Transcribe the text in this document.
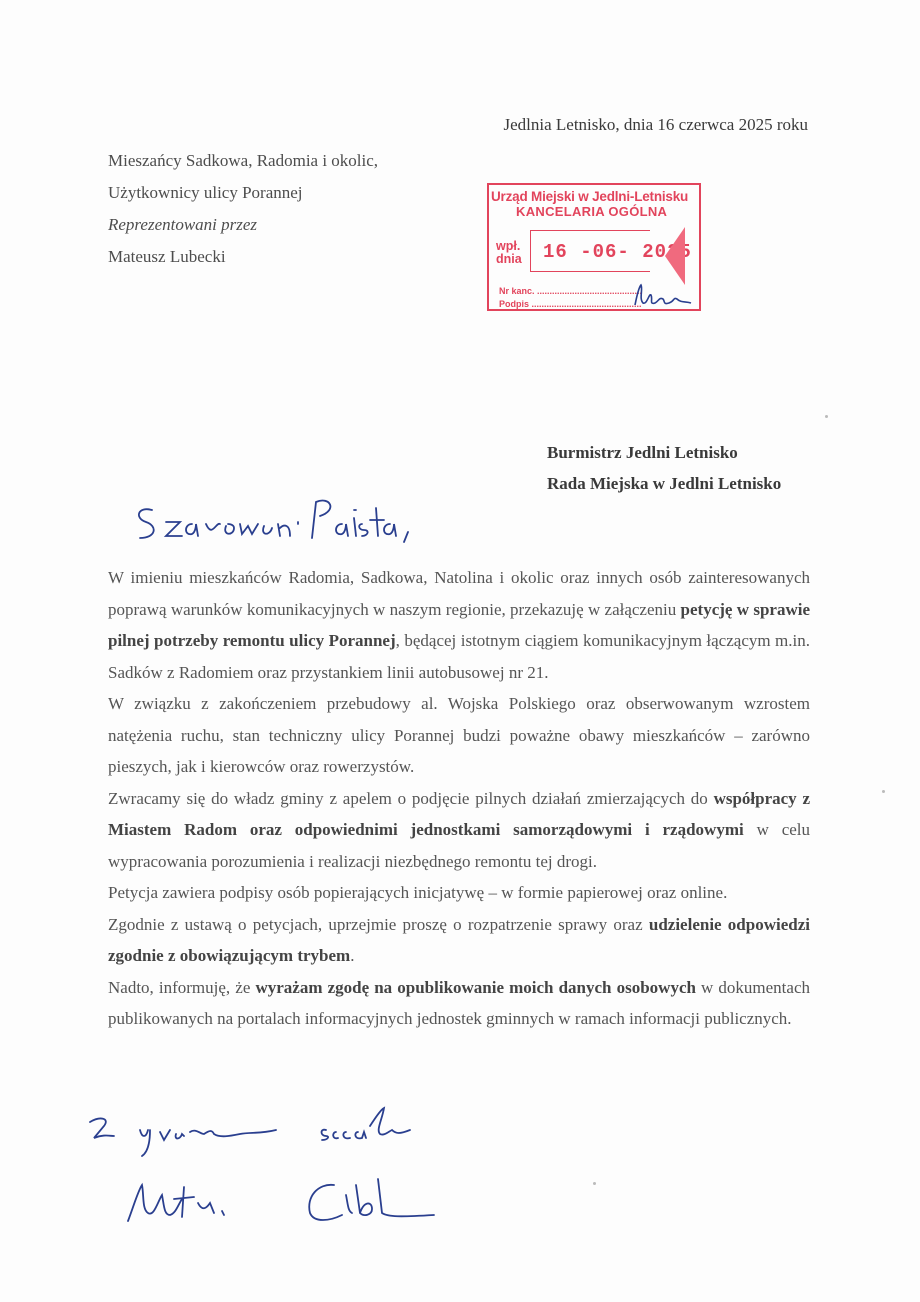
Jedlnia Letnisko, dnia 16 czerwca 2025 roku
Mieszańcy Sadkowa, Radomia i okolic,
Użytkownicy ulicy Porannej
Reprezentowani przez
Mateusz Lubecki
Urząd Miejski w Jedlni-Letnisku
KANCELARIA OGÓLNA
wpł.
dnia 16 -06- 2025
Nr kanc. ..........................................
Podpis ............................................
Burmistrz Jedlni Letnisko
Rada Miejska w Jedlni Letnisko

W imieniu mieszkańców Radomia, Sadkowa, Natolina i okolic oraz innych osób zainteresowanych poprawą warunków komunikacyjnych w naszym regionie, przekazuję w załączeniu petycję w sprawie pilnej potrzeby remontu ulicy Porannej, będącej istotnym ciągiem komunikacyjnym łączącym m.in. Sadków z Radomiem oraz przystankiem linii autobusowej nr 21.

W związku z zakończeniem przebudowy al. Wojska Polskiego oraz obserwowanym wzrostem natężenia ruchu, stan techniczny ulicy Porannej budzi poważne obawy mieszkańców – zarówno pieszych, jak i kierowców oraz rowerzystów.

Zwracamy się do władz gminy z apelem o podjęcie pilnych działań zmierzających do współpracy z Miastem Radom oraz odpowiednimi jednostkami samorządowymi i rządowymi w celu wypracowania porozumienia i realizacji niezbędnego remontu tej drogi.

Petycja zawiera podpisy osób popierających inicjatywę – w formie papierowej oraz online.

Zgodnie z ustawą o petycjach, uprzejmie proszę o rozpatrzenie sprawy oraz udzielenie odpowiedzi zgodnie z obowiązującym trybem.

Nadto, informuję, że wyrażam zgodę na opublikowanie moich danych osobowych w dokumentach publikowanych na portalach informacyjnych jednostek gminnych w ramach informacji publicznych.
